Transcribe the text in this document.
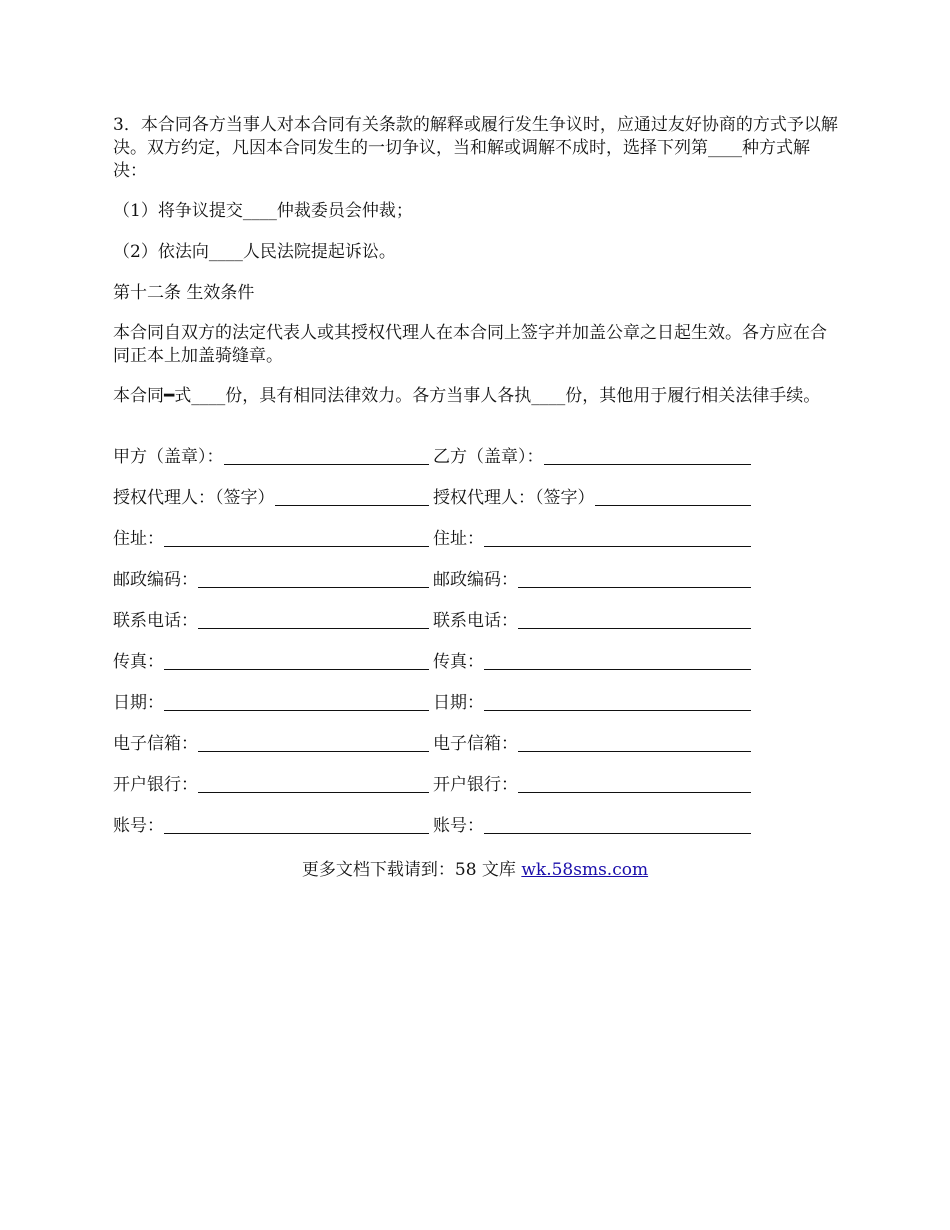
3．本合同各方当事人对本合同有关条款的解释或履行发生争议时，应通过友好协商的方式予以解决。双方约定，凡因本合同发生的一切争议，当和解或调解不成时，选择下列第____种方式解决：

（1）将争议提交____仲裁委员会仲裁；

（2）依法向____人民法院提起诉讼。

第十二条 生效条件

本合同自双方的法定代表人或其授权代理人在本合同上签字并加盖公章之日起生效。各方应在合同正本上加盖骑缝章。

本合同━式____份，具有相同法律效力。各方当事人各执____份，其他用于履行相关法律手续。

甲方（盖章）：	乙方（盖章）：
授权代理人：（签字）	授权代理人：（签字）
住址：	住址：
邮政编码：	邮政编码：
联系电话：	联系电话：
传真：	传真：
日期：	日期：
电子信箱：	电子信箱：
开户银行：	开户银行：
账号：	账号：
更多文档下载请到：58 文库 wk.58sms.com
